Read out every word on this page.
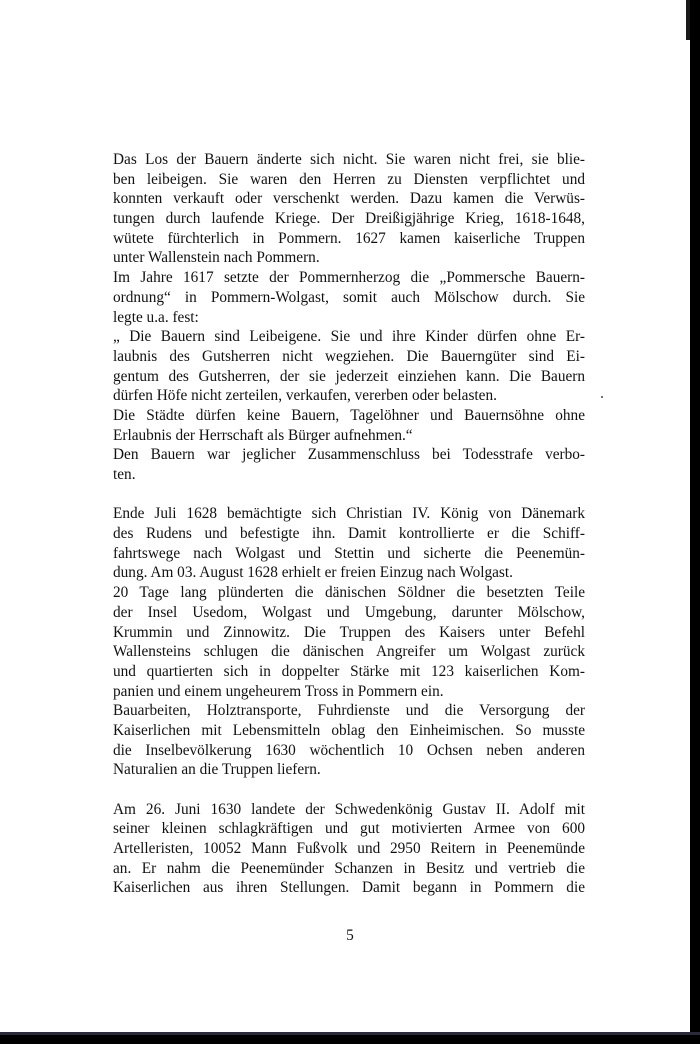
Das Los der Bauern änderte sich nicht. Sie waren nicht frei, sie blie-
ben leibeigen. Sie waren den Herren zu Diensten verpflichtet und
konnten verkauft oder verschenkt werden. Dazu kamen die Verwüs-
tungen durch laufende Kriege. Der Dreißigjährige Krieg, 1618-1648,
wütete fürchterlich in Pommern. 1627 kamen kaiserliche Truppen
unter Wallenstein nach Pommern.
Im Jahre 1617 setzte der Pommernherzog die „Pommersche Bauern-
ordnung“ in Pommern-Wolgast, somit auch Mölschow durch. Sie
legte u.a. fest:
„ Die Bauern sind Leibeigene. Sie und ihre Kinder dürfen ohne Er-
laubnis des Gutsherren nicht wegziehen. Die Bauerngüter sind Ei-
gentum des Gutsherren, der sie jederzeit einziehen kann. Die Bauern
dürfen Höfe nicht zerteilen, verkaufen, vererben oder belasten.
Die Städte dürfen keine Bauern, Tagelöhner und Bauernsöhne ohne
Erlaubnis der Herrschaft als Bürger aufnehmen.“
Den Bauern war jeglicher Zusammenschluss bei Todesstrafe verbo-
ten.
Ende Juli 1628 bemächtigte sich Christian IV. König von Dänemark
des Rudens und befestigte ihn. Damit kontrollierte er die Schiff-
fahrtswege nach Wolgast und Stettin und sicherte die Peenemün-
dung. Am 03. August 1628 erhielt er freien Einzug nach Wolgast.
20 Tage lang plünderten die dänischen Söldner die besetzten Teile
der Insel Usedom, Wolgast und Umgebung, darunter Mölschow,
Krummin und Zinnowitz. Die Truppen des Kaisers unter Befehl
Wallensteins schlugen die dänischen Angreifer um Wolgast zurück
und quartierten sich in doppelter Stärke mit 123 kaiserlichen Kom-
panien und einem ungeheurem Tross in Pommern ein.
Bauarbeiten, Holztransporte, Fuhrdienste und die Versorgung der
Kaiserlichen mit Lebensmitteln oblag den Einheimischen. So musste
die Inselbevölkerung 1630 wöchentlich 10 Ochsen neben anderen
Naturalien an die Truppen liefern.
Am 26. Juni 1630 landete der Schwedenkönig Gustav II. Adolf mit
seiner kleinen schlagkräftigen und gut motivierten Armee von 600
Artelleristen, 10052 Mann Fußvolk und 2950 Reitern in Peenemünde
an. Er nahm die Peenemünder Schanzen in Besitz und vertrieb die
Kaiserlichen aus ihren Stellungen. Damit begann in Pommern die
5
